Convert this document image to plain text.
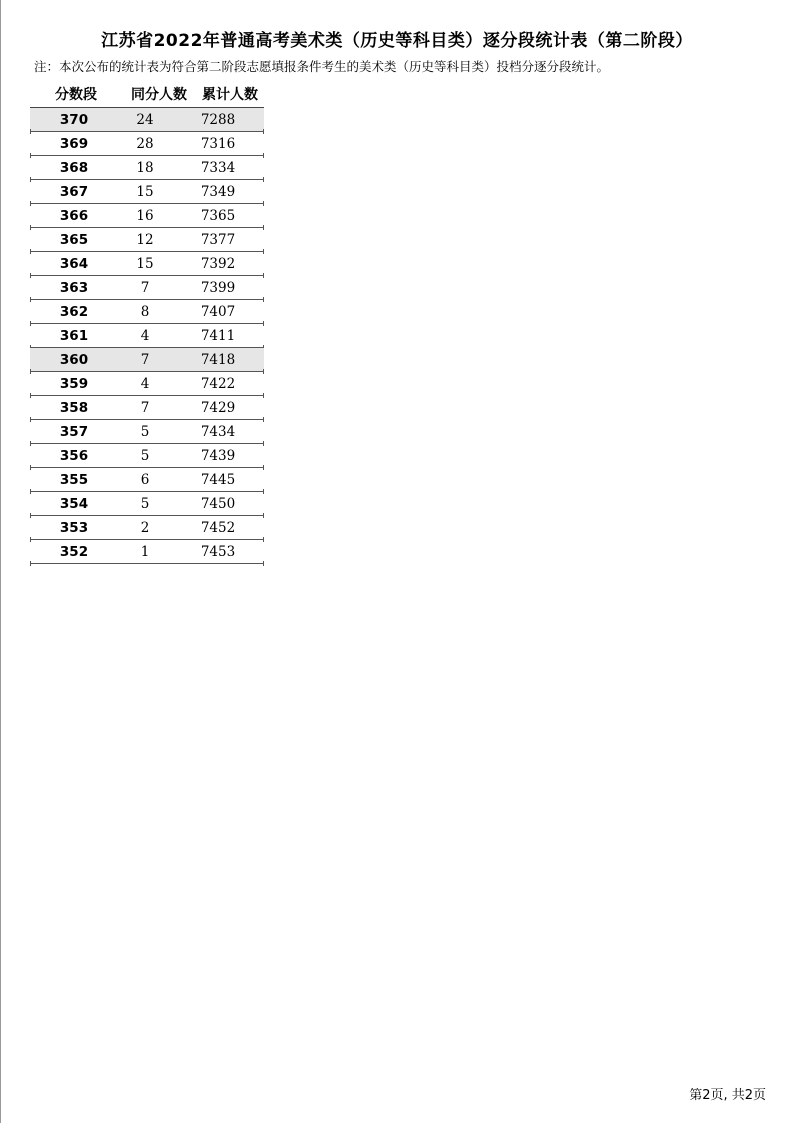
江苏省2022年普通高考美术类（历史等科目类）逐分段统计表（第二阶段）
注：本次公布的统计表为符合第二阶段志愿填报条件考生的美术类（历史等科目类）投档分逐分段统计。
分数段	同分人数	累计人数
370	24	7288
369	28	7316
368	18	7334
367	15	7349
366	16	7365
365	12	7377
364	15	7392
363	7	7399
362	8	7407
361	4	7411
360	7	7418
359	4	7422
358	7	7429
357	5	7434
356	5	7439
355	6	7445
354	5	7450
353	2	7452
352	1	7453
第2页, 共2页
